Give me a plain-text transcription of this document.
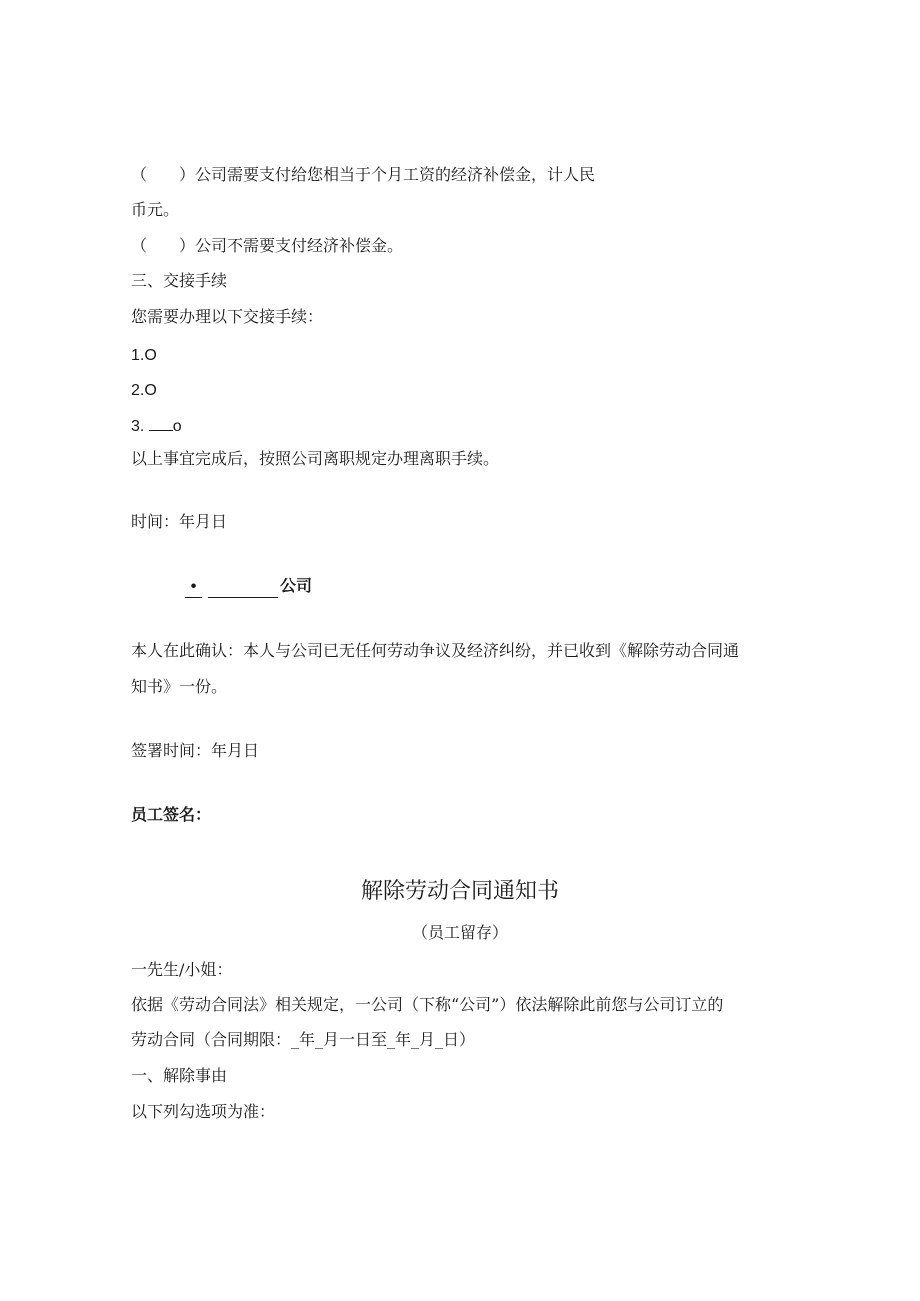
（　　）公司需要支付给您相当于个月工资的经济补偿金，计人民

币元。

（　　）公司不需要支付经济补偿金。

三、交接手续

您需要办理以下交接手续：

1.O

2.O

3. o

以上事宜完成后，按照公司离职规定办理离职手续。

时间：年月日

•	公司

本人在此确认：本人与公司已无任何劳动争议及经济纠纷，并已收到《解除劳动合同通

知书》一份。

签署时间：年月日

员工签名：

解除劳动合同通知书

（员工留存）

一先生/小姐：

依据《劳动合同法》相关规定，一公司（下称“公司”）依法解除此前您与公司订立的

劳动合同（合同期限：_年_月一日至_年_月_日）

一、解除事由

以下列勾选项为准：
